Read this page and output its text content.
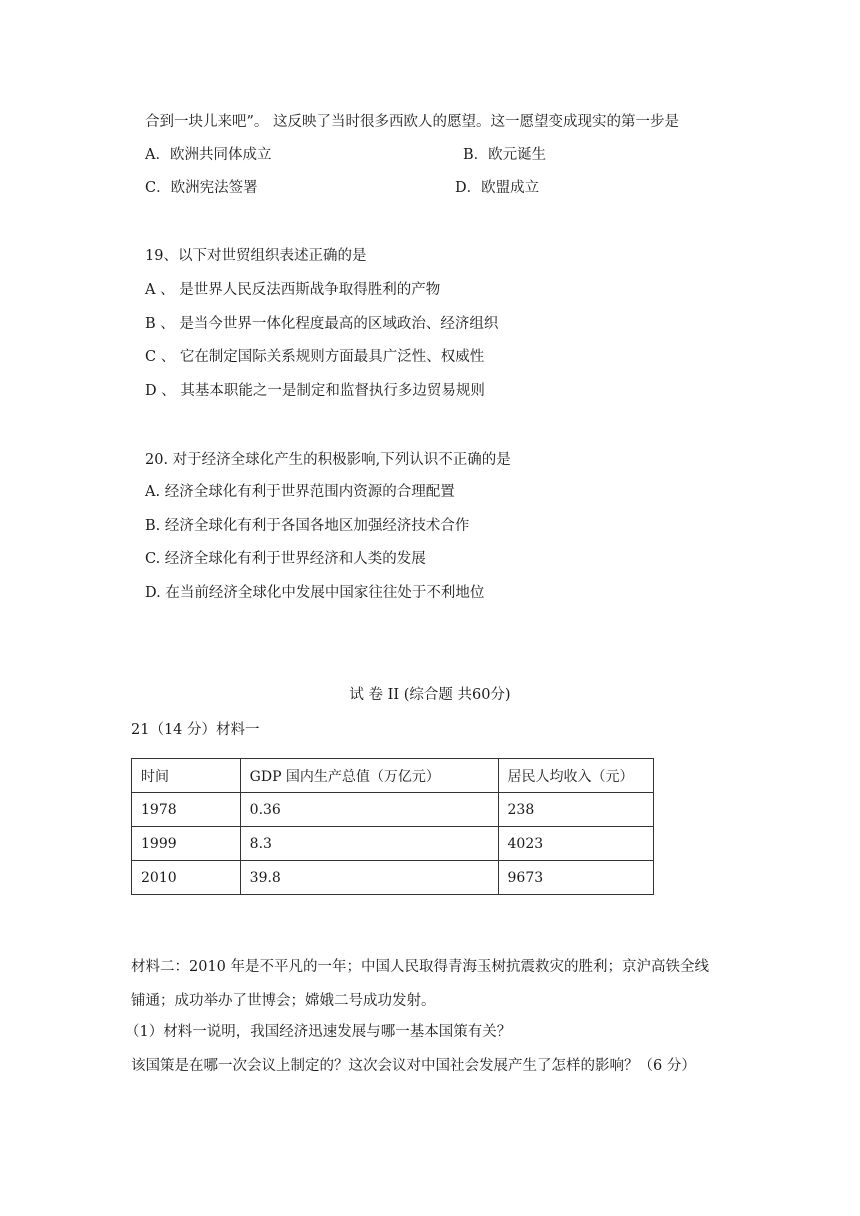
合到一块儿来吧”。 这反映了当时很多西欧人的愿望。这一愿望变成现实的第一步是
A．欧洲共同体成立	B．欧元诞生
C．欧洲宪法签署	D．欧盟成立
19、以下对世贸组织表述正确的是
A 、 是世界人民反法西斯战争取得胜利的产物
B 、 是当今世界一体化程度最高的区域政治、经济组织
C 、 它在制定国际关系规则方面最具广泛性、权威性
D 、 其基本职能之一是制定和监督执行多边贸易规则
20. 对于经济全球化产生的积极影响,下列认识不正确的是
A. 经济全球化有利于世界范围内资源的合理配置
B. 经济全球化有利于各国各地区加强经济技术合作
C. 经济全球化有利于世界经济和人类的发展
D. 在当前经济全球化中发展中国家往往处于不利地位
试 卷 II (综合题 共60分)
21（14 分）材料一
时间	GDP 国内生产总值（万亿元）	居民人均收入（元）
1978	0.36	238
1999	8.3	4023
2010	39.8	9673
材料二：2010 年是不平凡的一年；中国人民取得青海玉树抗震救灾的胜利；京沪高铁全线
铺通；成功举办了世博会；嫦娥二号成功发射。
（1）材料一说明，我国经济迅速发展与哪一基本国策有关？
该国策是在哪一次会议上制定的？这次会议对中国社会发展产生了怎样的影响？（6 分）
